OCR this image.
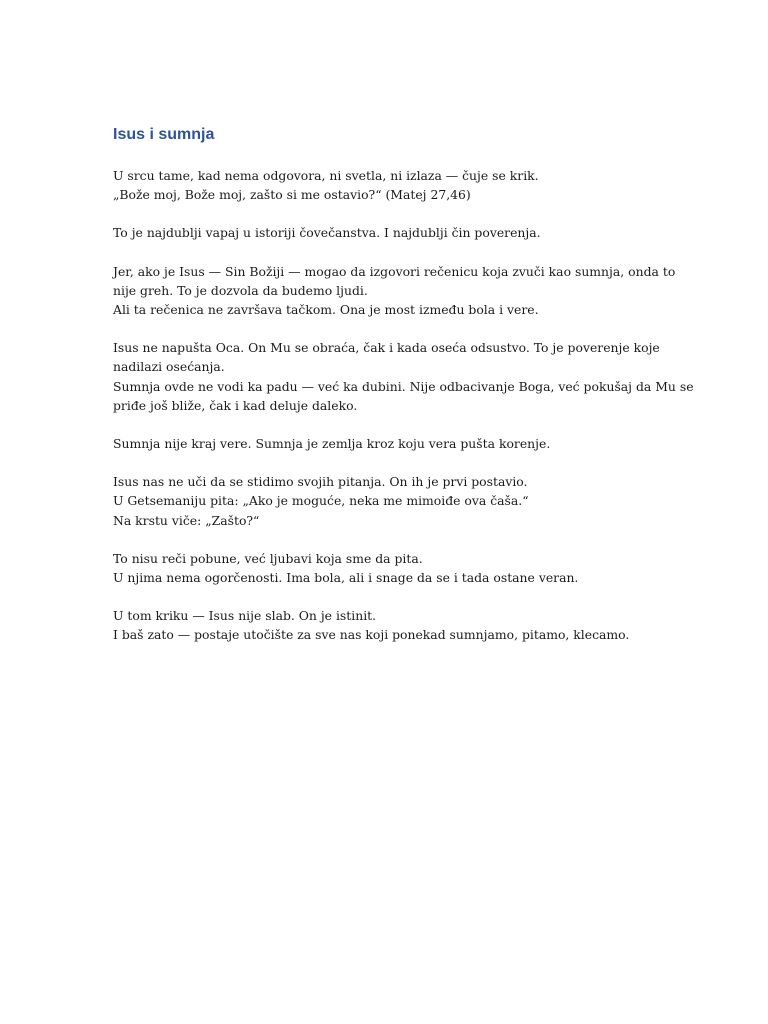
Isus i sumnja

U srcu tame, kad nema odgovora, ni svetla, ni izlaza — čuje se krik.
„Bože moj, Bože moj, zašto si me ostavio?“ (Matej 27,46)

To je najdublji vapaj u istoriji čovečanstva. I najdublji čin poverenja.

Jer, ako je Isus — Sin Božiji — mogao da izgovori rečenicu koja zvuči kao sumnja, onda to
nije greh. To je dozvola da budemo ljudi.
Ali ta rečenica ne završava tačkom. Ona je most između bola i vere.

Isus ne napušta Oca. On Mu se obraća, čak i kada oseća odsustvo. To je poverenje koje
nadilazi osećanja.
Sumnja ovde ne vodi ka padu — već ka dubini. Nije odbacivanje Boga, već pokušaj da Mu se
priđe još bliže, čak i kad deluje daleko.

Sumnja nije kraj vere. Sumnja je zemlja kroz koju vera pušta korenje.

Isus nas ne uči da se stidimo svojih pitanja. On ih je prvi postavio.
U Getsemaniju pita: „Ako je moguće, neka me mimoiđe ova čaša.“
Na krstu viče: „Zašto?“

To nisu reči pobune, već ljubavi koja sme da pita.
U njima nema ogorčenosti. Ima bola, ali i snage da se i tada ostane veran.

U tom kriku — Isus nije slab. On je istinit.
I baš zato — postaje utočište za sve nas koji ponekad sumnjamo, pitamo, klecamo.
